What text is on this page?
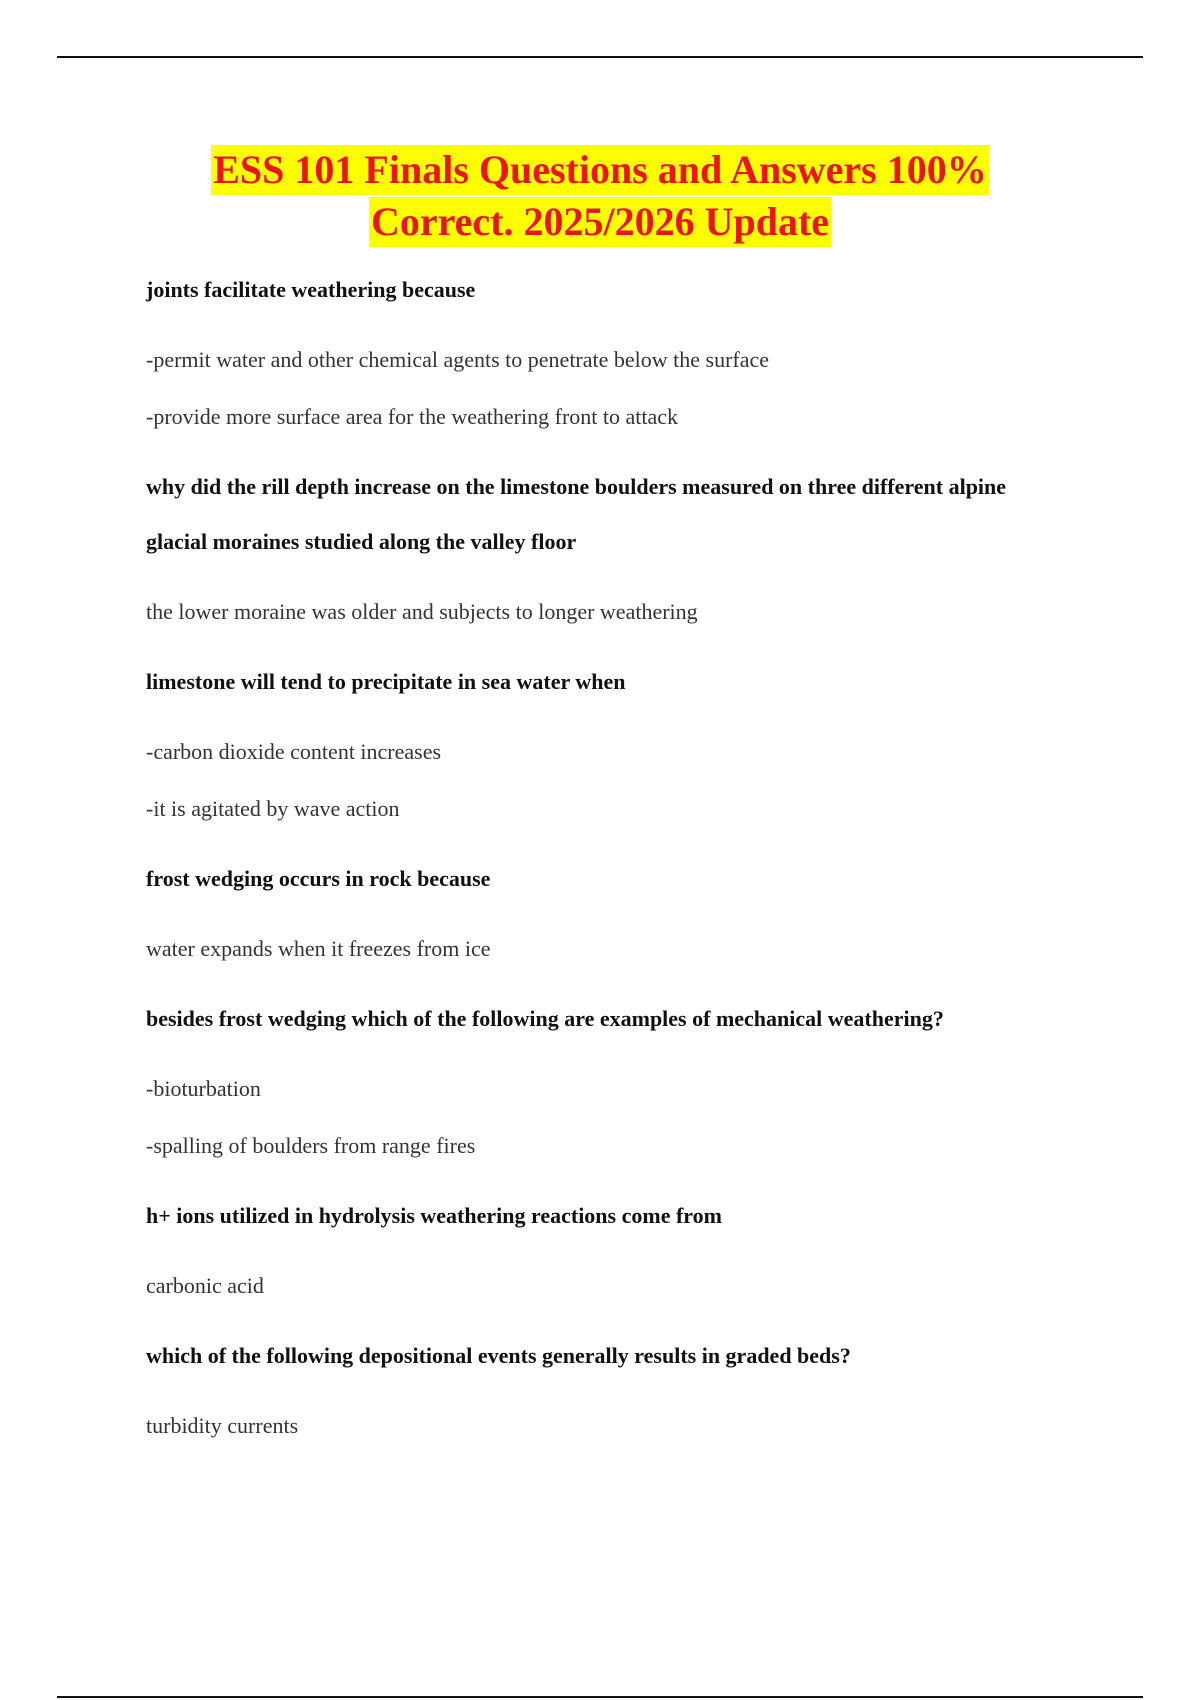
ESS 101 Finals Questions and Answers 100%
Correct. 2025/2026 Update

joints facilitate weathering because

-permit water and other chemical agents to penetrate below the surface

-provide more surface area for the weathering front to attack

why did the rill depth increase on the limestone boulders measured on three different alpine glacial moraines studied along the valley floor

the lower moraine was older and subjects to longer weathering

limestone will tend to precipitate in sea water when

-carbon dioxide content increases

-it is agitated by wave action

frost wedging occurs in rock because

water expands when it freezes from ice

besides frost wedging which of the following are examples of mechanical weathering?

-bioturbation

-spalling of boulders from range fires

h+ ions utilized in hydrolysis weathering reactions come from

carbonic acid

which of the following depositional events generally results in graded beds?

turbidity currents
